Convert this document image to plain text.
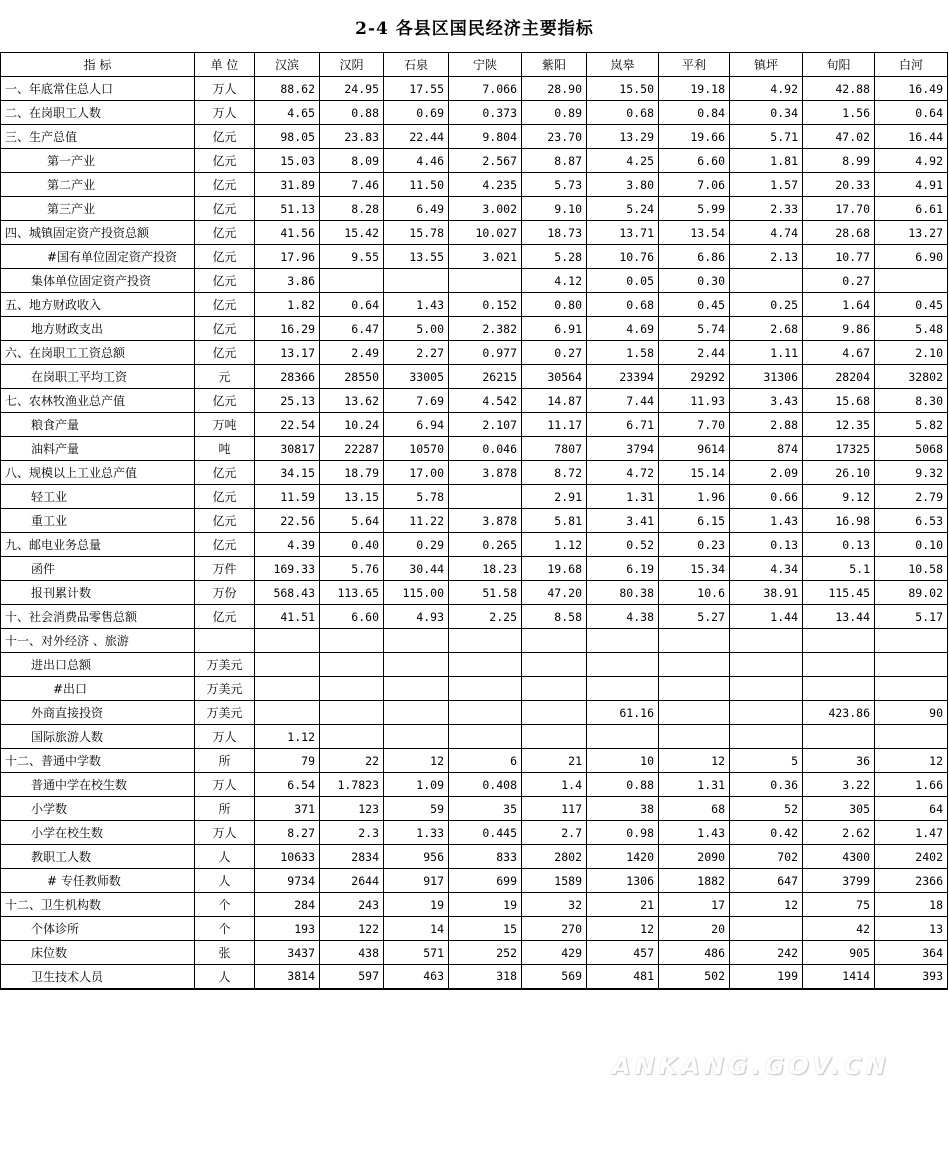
2-4 各县区国民经济主要指标
指 标	单 位	汉滨	汉阴	石泉	宁陕	紫阳	岚皋	平利	镇坪	旬阳	白河
一、年底常住总人口	万人	88.62	24.95	17.55	7.066	28.90	15.50	19.18	4.92	42.88	16.49
二、在岗职工人数	万人	4.65	0.88	0.69	0.373	0.89	0.68	0.84	0.34	1.56	0.64
三、生产总值	亿元	98.05	23.83	22.44	9.804	23.70	13.29	19.66	5.71	47.02	16.44
第一产业	亿元	15.03	8.09	4.46	2.567	8.87	4.25	6.60	1.81	8.99	4.92
第二产业	亿元	31.89	7.46	11.50	4.235	5.73	3.80	7.06	1.57	20.33	4.91
第三产业	亿元	51.13	8.28	6.49	3.002	9.10	5.24	5.99	2.33	17.70	6.61
四、城镇固定资产投资总额	亿元	41.56	15.42	15.78	10.027	18.73	13.71	13.54	4.74	28.68	13.27
#国有单位固定资产投资	亿元	17.96	9.55	13.55	3.021	5.28	10.76	6.86	2.13	10.77	6.90
集体单位固定资产投资	亿元	3.86				4.12	0.05	0.30		0.27	
五、地方财政收入	亿元	1.82	0.64	1.43	0.152	0.80	0.68	0.45	0.25	1.64	0.45
地方财政支出	亿元	16.29	6.47	5.00	2.382	6.91	4.69	5.74	2.68	9.86	5.48
六、在岗职工工资总额	亿元	13.17	2.49	2.27	0.977	0.27	1.58	2.44	1.11	4.67	2.10
在岗职工平均工资	元	28366	28550	33005	26215	30564	23394	29292	31306	28204	32802
七、农林牧渔业总产值	亿元	25.13	13.62	7.69	4.542	14.87	7.44	11.93	3.43	15.68	8.30
粮食产量	万吨	22.54	10.24	6.94	2.107	11.17	6.71	7.70	2.88	12.35	5.82
油料产量	吨	30817	22287	10570	0.046	7807	3794	9614	874	17325	5068
八、规模以上工业总产值	亿元	34.15	18.79	17.00	3.878	8.72	4.72	15.14	2.09	26.10	9.32
轻工业	亿元	11.59	13.15	5.78		2.91	1.31	1.96	0.66	9.12	2.79
重工业	亿元	22.56	5.64	11.22	3.878	5.81	3.41	6.15	1.43	16.98	6.53
九、邮电业务总量	亿元	4.39	0.40	0.29	0.265	1.12	0.52	0.23	0.13	0.13	0.10
函件	万件	169.33	5.76	30.44	18.23	19.68	6.19	15.34	4.34	5.1	10.58
报刊累计数	万份	568.43	113.65	115.00	51.58	47.20	80.38	10.6	38.91	115.45	89.02
十、社会消费品零售总额	亿元	41.51	6.60	4.93	2.25	8.58	4.38	5.27	1.44	13.44	5.17
十一、对外经济 、旅游											
进出口总额	万美元										
#出口	万美元										
外商直接投资	万美元						61.16			423.86	90
国际旅游人数	万人	1.12									
十二、普通中学数	所	79	22	12	6	21	10	12	5	36	12
普通中学在校生数	万人	6.54	1.7823	1.09	0.408	1.4	0.88	1.31	0.36	3.22	1.66
小学数	所	371	123	59	35	117	38	68	52	305	64
小学在校生数	万人	8.27	2.3	1.33	0.445	2.7	0.98	1.43	0.42	2.62	1.47
教职工人数	人	10633	2834	956	833	2802	1420	2090	702	4300	2402
# 专任教师数	人	9734	2644	917	699	1589	1306	1882	647	3799	2366
十二、卫生机构数	个	284	243	19	19	32	21	17	12	75	18
个体诊所	个	193	122	14	15	270	12	20		42	13
床位数	张	3437	438	571	252	429	457	486	242	905	364
卫生技术人员	人	3814	597	463	318	569	481	502	199	1414	393
ANKANG.GOV.CN
